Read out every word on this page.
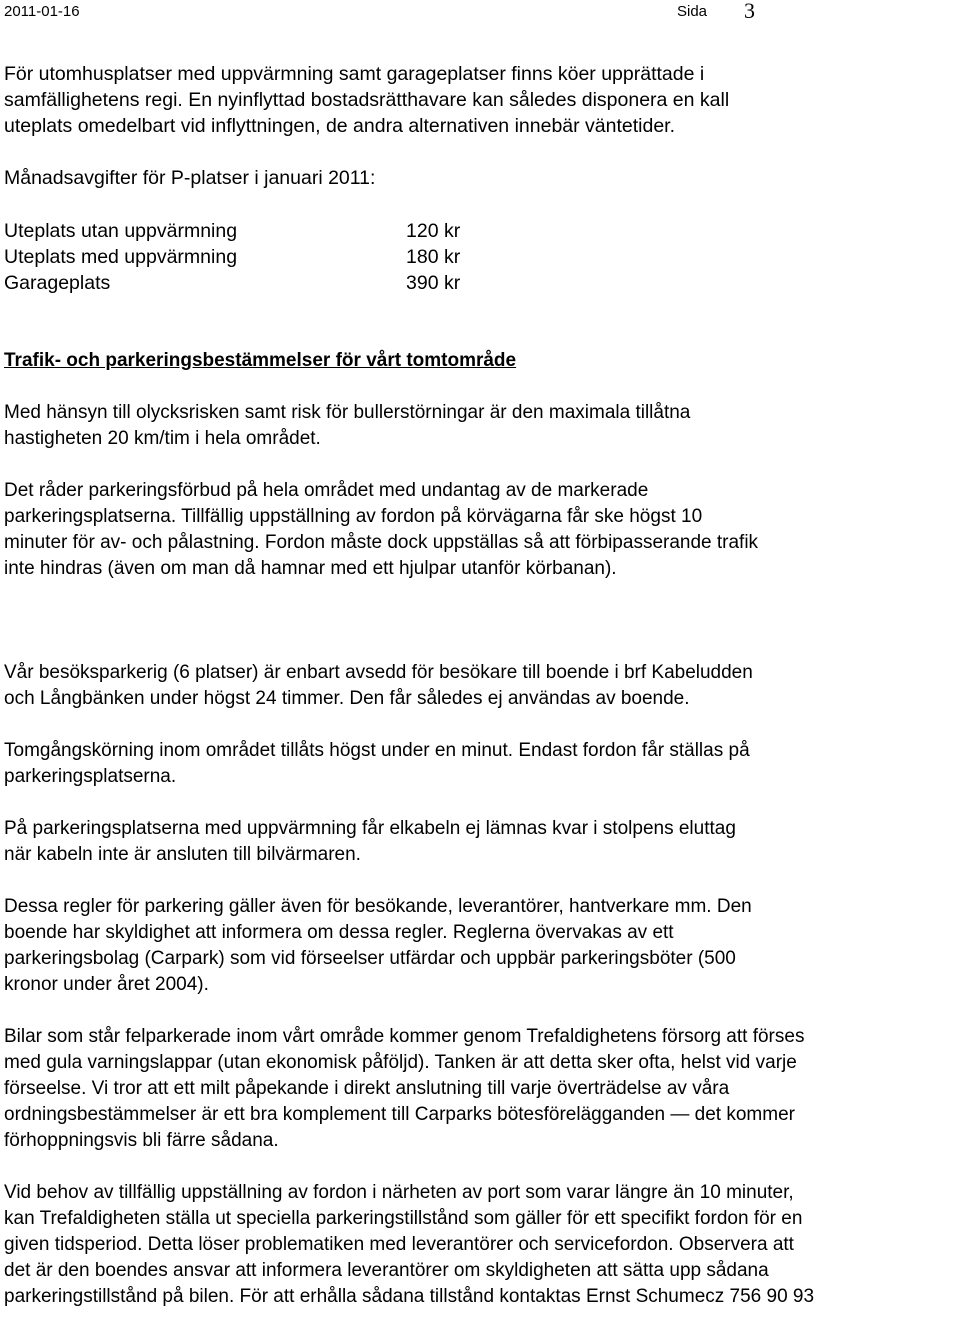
2011-01-16	Sida 3

För utomhusplatser med uppvärmning samt garageplatser finns köer upprättade i
samfällighetens regi. En nyinflyttad bostadsrätthavare kan således disponera en kall
uteplats omedelbart vid inflyttningen, de andra alternativen innebär väntetider.

Månadsavgifter för P-platser i januari 2011:

Uteplats utan uppvärmning	120 kr
Uteplats med uppvärmning	180 kr
Garageplats	390 kr
Trafik- och parkeringsbestämmelser för vårt tomtområde

Med hänsyn till olycksrisken samt risk för bullerstörningar är den maximala tillåtna
hastigheten 20 km/tim i hela området.

Det råder parkeringsförbud på hela området med undantag av de markerade
parkeringsplatserna. Tillfällig uppställning av fordon på körvägarna får ske högst 10
minuter för av- och pålastning. Fordon måste dock uppställas så att förbipasserande trafik
inte hindras (även om man då hamnar med ett hjulpar utanför körbanan).

Vår besöksparkerig (6 platser) är enbart avsedd för besökare till boende i brf Kabeludden
och Långbänken under högst 24 timmer. Den får således ej användas av boende.

Tomgångskörning inom området tillåts högst under en minut. Endast fordon får ställas på
parkeringsplatserna.

På parkeringsplatserna med uppvärmning får elkabeln ej lämnas kvar i stolpens eluttag
när kabeln inte är ansluten till bilvärmaren.

Dessa regler för parkering gäller även för besökande, leverantörer, hantverkare mm. Den
boende har skyldighet att informera om dessa regler. Reglerna övervakas av ett
parkeringsbolag (Carpark) som vid förseelser utfärdar och uppbär parkeringsböter (500
kronor under året 2004).

Bilar som står felparkerade inom vårt område kommer genom Trefaldighetens försorg att förses
med gula varningslappar (utan ekonomisk påföljd). Tanken är att detta sker ofta, helst vid varje
förseelse. Vi tror att ett milt påpekande i direkt anslutning till varje överträdelse av våra
ordningsbestämmelser är ett bra komplement till Carparks bötesförelägganden — det kommer
förhoppningsvis bli färre sådana.

Vid behov av tillfällig uppställning av fordon i närheten av port som varar längre än 10 minuter,
kan Trefaldigheten ställa ut speciella parkeringstillstånd som gäller för ett specifikt fordon för en
given tidsperiod. Detta löser problematiken med leverantörer och servicefordon. Observera att
det är den boendes ansvar att informera leverantörer om skyldigheten att sätta upp sådana
parkeringstillstånd på bilen. För att erhålla sådana tillstånd kontaktas Ernst Schumecz 756 90 93
